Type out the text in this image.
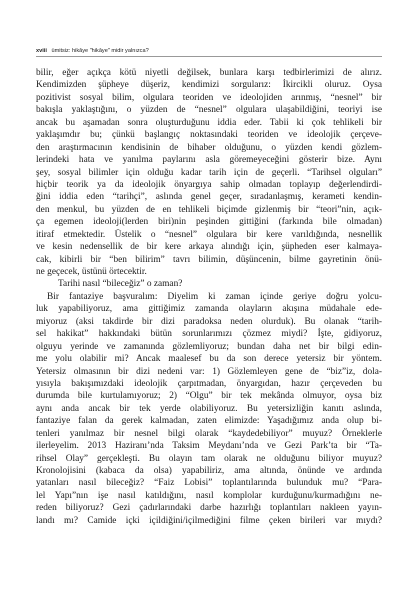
xviii ümitsiz: hikâye "hikâye" midir yalnızca?
bilir, eğer açıkça kötü niyetli değilsek, bunlara karşı tedbirlerimizi de alırız.
Kendimizden şüpheye düşeriz, kendimizi sorgularız: İkircikli oluruz. Oysa
pozitivist sosyal bilim, olgulara teoriden ve ideolojiden arınmış, “nesnel” bir
bakışla yaklaştığını, o yüzden de “nesnel” olgulara ulaşabildiğini, teoriyi ise
ancak bu aşamadan sonra oluşturduğunu iddia eder. Tabii ki çok tehlikeli bir
yaklaşımdır bu; çünkü başlangıç noktasındaki teoriden ve ideolojik çerçeve-
den araştırmacının kendisinin de bihaber olduğunu, o yüzden kendi gözlem-
lerindeki hata ve yanılma paylarını asla göremeyeceğini gösterir bize. Aynı
şey, sosyal bilimler için olduğu kadar tarih için de geçerli. “Tarihsel olguları”
hiçbir teorik ya da ideolojik önyargıya sahip olmadan toplayıp değerlendirdi-
ğini iddia eden “tarihçi”, aslında genel geçer, sıradanlaşmış, kerameti kendin-
den menkul, bu yüzden de en tehlikeli biçimde gizlenmiş bir “teori”nin, açık-
ça egemen ideoloji(lerden biri)nin peşinden gittiğini (farkında bile olmadan)
itiraf etmektedir. Üstelik o “nesnel” olgulara bir kere varıldığında, nesnellik
ve kesin nedensellik de bir kere arkaya alındığı için, şüpheden eser kalmaya-
cak, kibirli bir “ben bilirim” tavrı bilimin, düşüncenin, bilme gayretinin önü-
ne geçecek, üstünü örtecektir.
Tarihi nasıl “bileceğiz” o zaman?
Bir fantaziye başvuralım: Diyelim ki zaman içinde geriye doğru yolcu-
luk yapabiliyoruz, ama gittiğimiz zamanda olayların akışına müdahale ede-
miyoruz (aksi takdirde bir dizi paradoksa neden olurduk). Bu olanak “tarih-
sel hakikat” hakkındaki bütün sorunlarımızı çözmez miydi? İşte, gidiyoruz,
olguyu yerinde ve zamanında gözlemliyoruz; bundan daha net bir bilgi edin-
me yolu olabilir mi? Ancak maalesef bu da son derece yetersiz bir yöntem.
Yetersiz olmasının bir dizi nedeni var: 1) Gözlemleyen gene de “biz”iz, dola-
yısıyla bakışımızdaki ideolojik çarpıtmadan, önyargıdan, hazır çerçeveden bu
durumda bile kurtulamıyoruz; 2) “Olgu” bir tek mekânda olmuyor, oysa biz
aynı anda ancak bir tek yerde olabiliyoruz. Bu yetersizliğin kanıtı aslında,
fantaziye falan da gerek kalmadan, zaten elimizde: Yaşadığımız anda olup bi-
tenleri yanılmaz bir nesnel bilgi olarak “kaydedebiliyor” muyuz? Örneklerle
ilerleyelim. 2013 Haziranı’nda Taksim Meydanı’nda ve Gezi Park’ta bir “Ta-
rihsel Olay” gerçekleşti. Bu olayın tam olarak ne olduğunu biliyor muyuz?
Kronolojisini (kabaca da olsa) yapabiliriz, ama altında, önünde ve ardında
yatanları nasıl bileceğiz? “Faiz Lobisi” toplantılarında bulunduk mu? “Para-
lel Yapı”nın işe nasıl katıldığını, nasıl komplolar kurduğunu/kurmadığını ne-
reden biliyoruz? Gezi çadırlarındaki darbe hazırlığı toplantıları nakleen yayın-
landı mı? Camide içki içildiğini/içilmediğini filme çeken birileri var mıydı?
